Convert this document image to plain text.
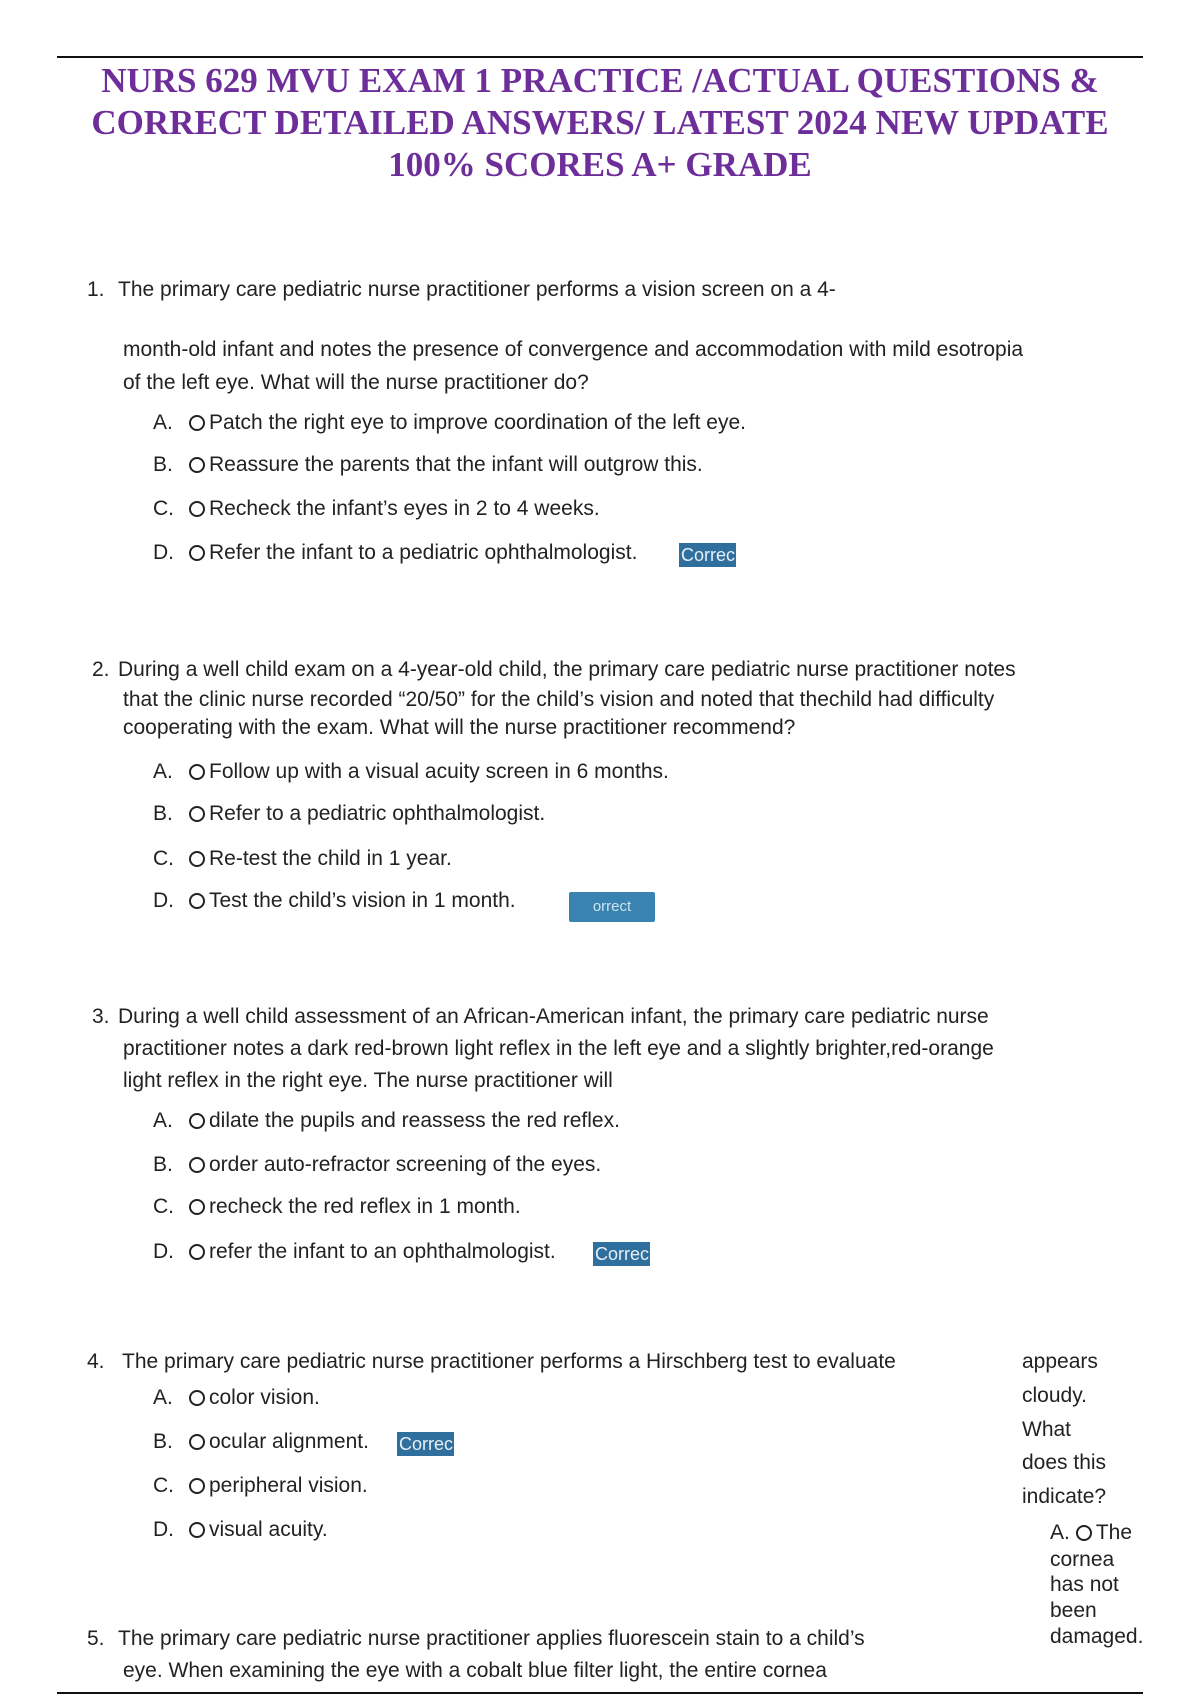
NURS 629 MVU EXAM 1 PRACTICE /ACTUAL QUESTIONS &
CORRECT DETAILED ANSWERS/ LATEST 2024 NEW UPDATE
100% SCORES A+ GRADE
1. The primary care pediatric nurse practitioner performs a vision screen on a 4-
month-old infant and notes the presence of convergence and accommodation with mild esotropia
of the left eye. What will the nurse practitioner do?
A.	Patch the right eye to improve coordination of the left eye.
B.	Reassure the parents that the infant will outgrow this.
C.	Recheck the infant’s eyes in 2 to 4 weeks.
D.	Refer the infant to a pediatric ophthalmologist. Correc
2. During a well child exam on a 4-year-old child, the primary care pediatric nurse practitioner notes
that the clinic nurse recorded “20/50” for the child’s vision and noted that thechild had difficulty
cooperating with the exam. What will the nurse practitioner recommend?
A.	Follow up with a visual acuity screen in 6 months.
B.	Refer to a pediatric ophthalmologist.
C.	Re-test the child in 1 year.
D.	Test the child’s vision in 1 month.	orrect
3. During a well child assessment of an African-American infant, the primary care pediatric nurse
practitioner notes a dark red-brown light reflex in the left eye and a slightly brighter,red-orange
light reflex in the right eye. The nurse practitioner will
A.	dilate the pupils and reassess the red reflex.
B.	order auto-refractor screening of the eyes.
C.	recheck the red reflex in 1 month.
D.	refer the infant to an ophthalmologist. Correc
4. The primary care pediatric nurse practitioner performs a Hirschberg test to evaluate
A.	color vision.
B.	ocular alignment. Correc
C.	peripheral vision.
D.	visual acuity.
5. The primary care pediatric nurse practitioner applies fluorescein stain to a child’s
eye. When examining the eye with a cobalt blue filter light, the entire cornea
appears
cloudy.
What
does this
indicate?
A. The
cornea
has not
been
damaged.
